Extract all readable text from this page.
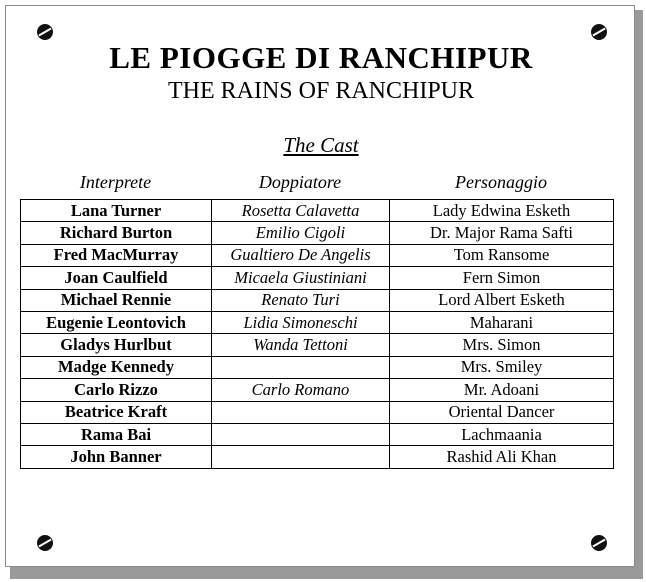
LE PIOGGE DI RANCHIPUR
THE RAINS OF RANCHIPUR
The Cast
Interprete	Doppiatore	Personaggio
Lana Turner	Rosetta Calavetta	Lady Edwina Esketh
Richard Burton	Emilio Cigoli	Dr. Major Rama Safti
Fred MacMurray	Gualtiero De Angelis	Tom Ransome
Joan Caulfield	Micaela Giustiniani	Fern Simon
Michael Rennie	Renato Turi	Lord Albert Esketh
Eugenie Leontovich	Lidia Simoneschi	Maharani
Gladys Hurlbut	Wanda Tettoni	Mrs. Simon
Madge Kennedy		Mrs. Smiley
Carlo Rizzo	Carlo Romano	Mr. Adoani
Beatrice Kraft		Oriental Dancer
Rama Bai		Lachmaania
John Banner		Rashid Ali Khan
